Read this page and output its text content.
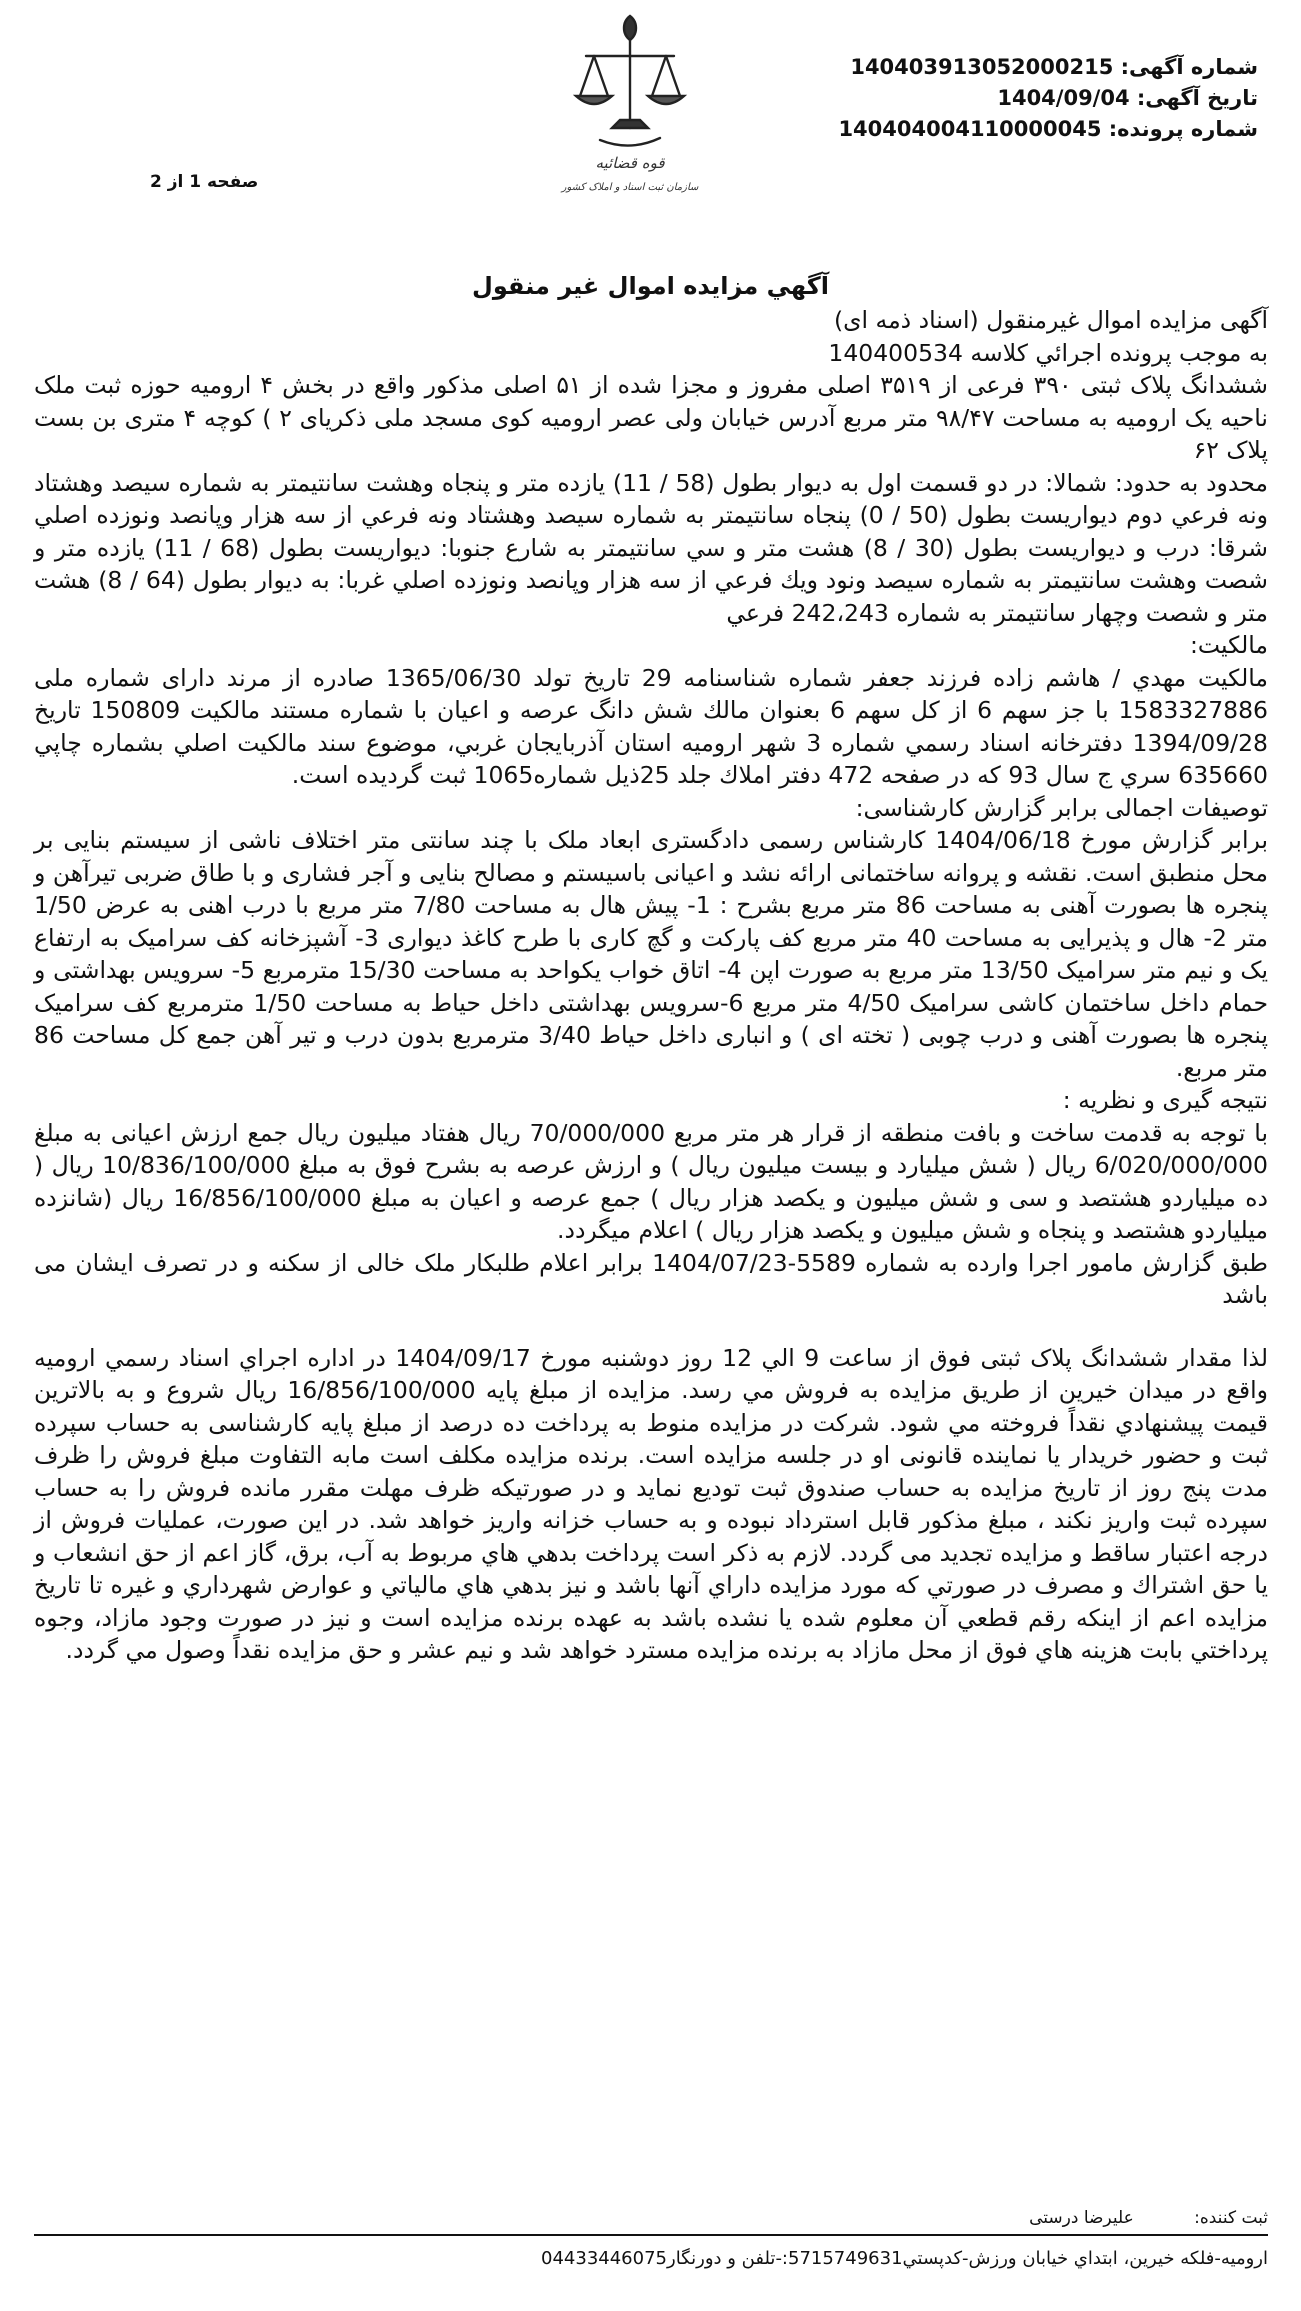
قوه قضائیه
سازمان ثبت اسناد و املاک کشور
شماره آگهی: 140403913052000215
تاریخ آگهی: 1404/09/04
شماره پرونده: 140404004110000045
صفحه 1 از 2
آگهي مزايده اموال غير منقول

آگهی مزایده اموال غیرمنقول (اسناد ذمه ای)

به موجب پرونده اجرائي كلاسه 140400534

ششدانگ پلاک ثبتی ۳۹۰ فرعی از ۳۵۱۹ اصلی مفروز و مجزا شده از ۵۱ اصلی مذکور واقع در بخش ۴ ارومیه حوزه ثبت ملک ناحیه یک ارومیه به مساحت ۹۸/۴۷ متر مربع آدرس خیابان ولی عصر ارومیه کوی مسجد ملی ذکریای ۲ ) کوچه ۴ متری بن بست پلاک ۶۲

محدود به حدود: شمالا: در دو قسمت اول به ديوار بطول (58 / 11) يازده متر و پنجاه وهشت سانتيمتر به شماره سيصد وهشتاد ونه فرعي دوم ديواريست بطول (50 / 0) پنجاه سانتيمتر به شماره سيصد وهشتاد ونه فرعي از سه هزار وپانصد ونوزده اصلي شرقا: درب و ديواريست بطول (30 / 8) هشت متر و سي سانتيمتر به شارع جنوبا: ديواريست بطول (68 / 11) يازده متر و شصت وهشت سانتيمتر به شماره سيصد ونود ويك فرعي از سه هزار وپانصد ونوزده اصلي غربا: به ديوار بطول (64 / 8) هشت متر و شصت وچهار سانتيمتر به شماره 242،243 فرعي

مالکیت:

مالكيت مهدي / هاشم زاده فرزند جعفر شماره شناسنامه 29 تاريخ تولد 1365/06/30 صادره از مرند دارای شماره ملی 1583327886 با جز سهم 6 از كل سهم 6 بعنوان مالك شش دانگ عرصه و اعيان با شماره مستند مالكيت 150809 تاريخ 1394/09/28 دفترخانه اسناد رسمي شماره 3 شهر اروميه استان آذربايجان غربي، موضوع سند مالكيت اصلي بشماره چاپي 635660 سري ج سال 93 كه در صفحه 472 دفتر املاك جلد 25ذيل شماره1065 ثبت گرديده است.

توصیفات اجمالی برابر گزارش کارشناسی:

برابر گزارش مورخ 1404/06/18 کارشناس رسمی دادگستری ابعاد ملک با چند سانتی متر اختلاف ناشی از سیستم بنایی بر محل منطبق است. نقشه و پروانه ساختمانی ارائه نشد و اعیانی باسیستم و مصالح بنایی و آجر فشاری و با طاق ضربی تیرآهن و پنجره ها بصورت آهنی به مساحت 86 متر مربع بشرح : 1- پیش هال به مساحت 7/80 متر مربع با درب اهنی به عرض 1/50 متر 2- هال و پذیرایی به مساحت 40 متر مربع کف پارکت و گچ کاری با طرح کاغذ دیواری 3- آشپزخانه کف سرامیک به ارتفاع یک و نیم متر سرامیک 13/50 متر مربع به صورت اپن 4- اتاق خواب یکواحد به مساحت 15/30 مترمربع 5- سرویس بهداشتی و حمام داخل ساختمان کاشی سرامیک 4/50 متر مربع 6-سرویس بهداشتی داخل حیاط به مساحت 1/50 مترمربع کف سرامیک پنجره ها بصورت آهنی و درب چوبی ( تخته ای ) و انباری داخل حیاط 3/40 مترمربع بدون درب و تیر آهن جمع کل مساحت 86 متر مربع.

نتیجه گیری و نظریه :

با توجه به قدمت ساخت و بافت منطقه از قرار هر متر مربع 70/000/000 ریال هفتاد میلیون ریال جمع ارزش اعیانی به مبلغ 6/020/000/000 ریال ( شش میلیارد و بیست میلیون ریال ) و ارزش عرصه به بشرح فوق به مبلغ 10/836/100/000 ریال ( ده میلیاردو هشتصد و سی و شش میلیون و یکصد هزار ریال ) جمع عرصه و اعیان به مبلغ 16/856/100/000 ریال (شانزده میلیاردو هشتصد و پنجاه و شش میلیون و یکصد هزار ریال ) اعلام میگردد.

طبق گزارش مامور اجرا وارده به شماره 5589-1404/07/23 برابر اعلام طلبکار ملک خالی از سکنه و در تصرف ایشان می باشد

لذا مقدار ششدانگ پلاک ثبتی فوق از ساعت 9 الي 12 روز دوشنبه مورخ 1404/09/17 در اداره اجراي اسناد رسمي اروميه واقع در ميدان خيرين از طريق مزايده به فروش مي رسد. مزايده از مبلغ پايه 16/856/100/000 ريال شروع و به بالاترين قيمت پيشنهادي نقداً فروخته مي شود. شركت در مزايده منوط به پرداخت ده درصد از مبلغ پايه كارشناسى به حساب سپرده ثبت و حضور خريدار يا نماينده قانونى او در جلسه مزايده است. برنده مزايده مكلف است مابه التفاوت مبلغ فروش را ظرف مدت پنج روز از تاريخ مزايده به حساب صندوق ثبت توديع نمايد و در صورتيكه ظرف مهلت مقرر مانده فروش را به حساب سپرده ثبت واريز نكند ، مبلغ مذكور قابل استرداد نبوده و به حساب خزانه واريز خواهد شد. در اين صورت، عمليات فروش از درجه اعتبار ساقط و مزايده تجديد مى گردد. لازم به ذكر است پرداخت بدهي هاي مربوط به آب، برق، گاز اعم از حق انشعاب و يا حق اشتراك و مصرف در صورتي كه مورد مزايده داراي آنها باشد و نيز بدهي هاي مالياتي و عوارض شهرداري و غيره تا تاريخ مزايده اعم از اينكه رقم قطعي آن معلوم شده يا نشده باشد به عهده برنده مزايده است و نيز در صورت وجود مازاد، وجوه پرداختي بابت هزينه هاي فوق از محل مازاد به برنده مزايده مسترد خواهد شد و نيم عشر و حق مزايده نقداً وصول مي گردد.

ثبت کننده: علیرضا درستی
اروميه-فلكه خيرين، ابتداي خيابان ورزش-كدپستي5715749631:-تلفن و دورنگار04433446075
